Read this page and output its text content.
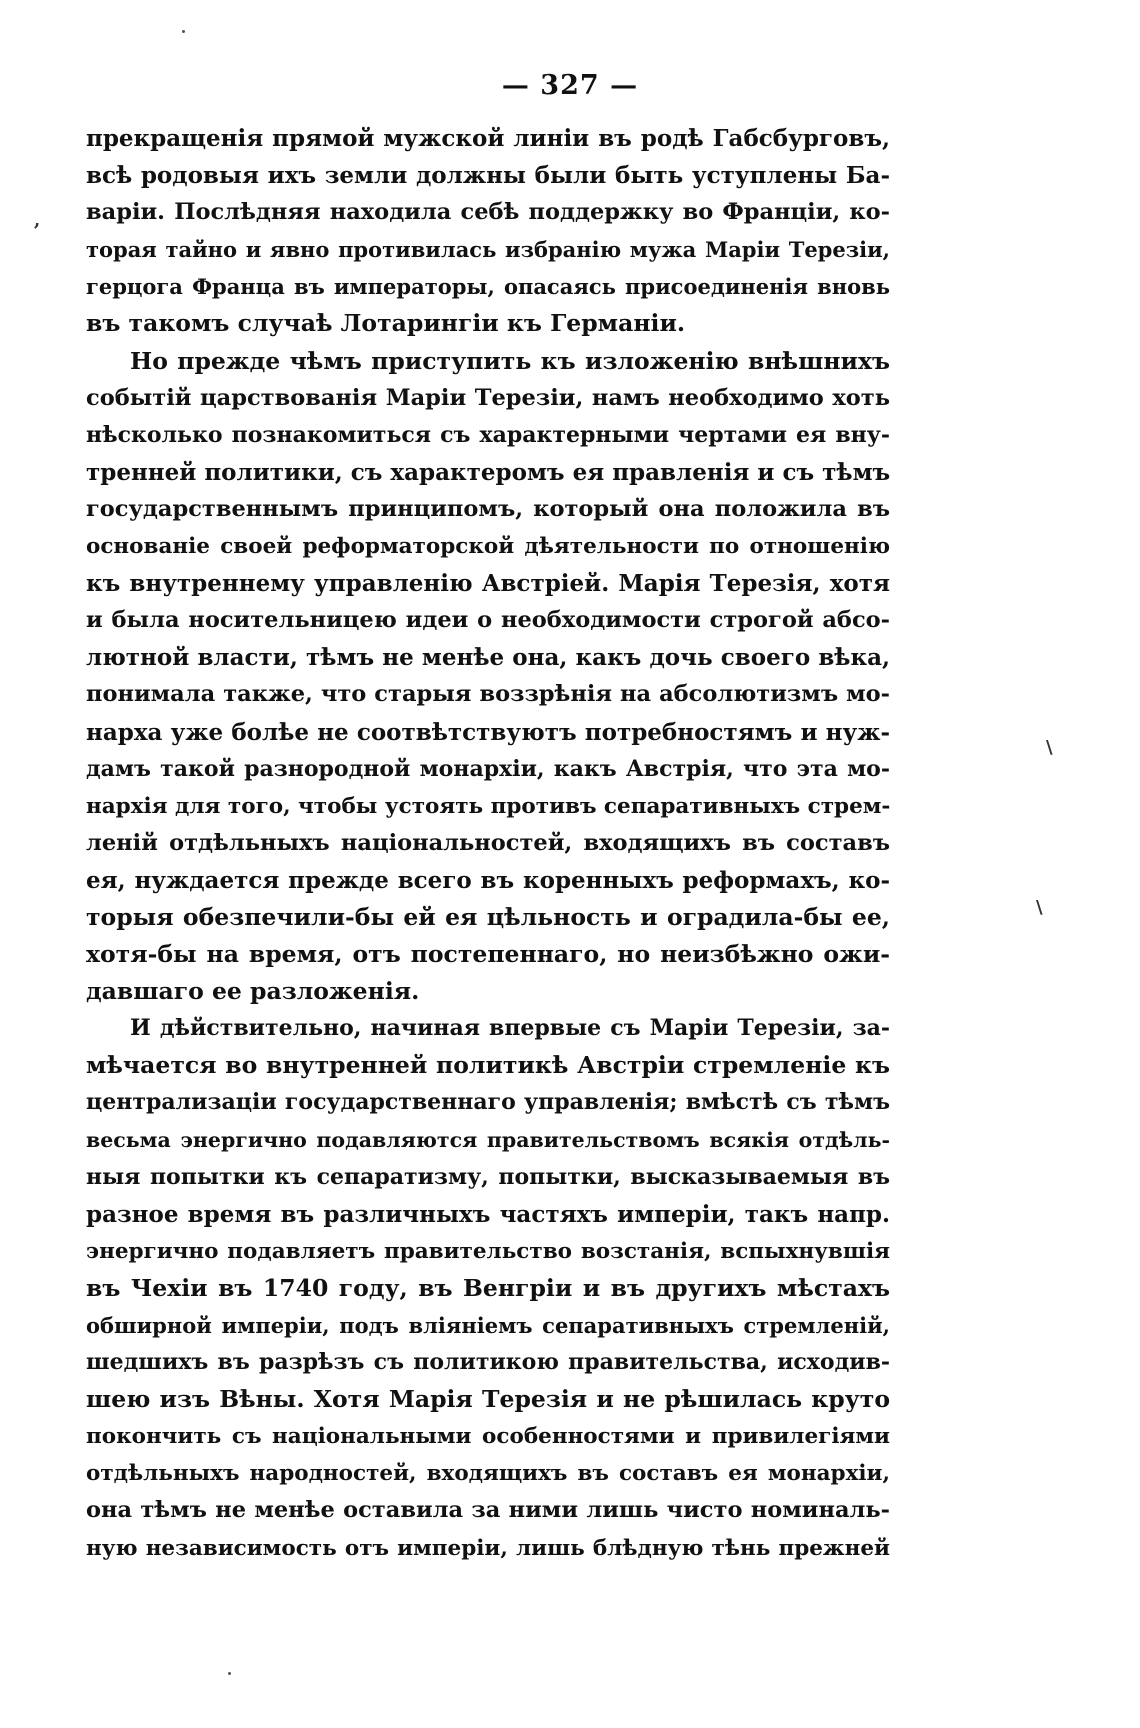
— 327 —
прекращенія прямой мужской линіи въ родѣ Габсбурговъ,
всѣ родовыя ихъ земли должны были быть уступлены Ба-
варіи. Послѣдняя находила себѣ поддержку во Франціи, ко-
торая тайно и явно противилась избранію мужа Маріи Терезіи,
герцога Франца въ императоры, опасаясь присоединенія вновь
въ такомъ случаѣ Лотарингіи къ Германіи.
Но прежде чѣмъ приступить къ изложенію внѣшнихъ
событій царствованія Маріи Терезіи, намъ необходимо хоть
нѣсколько познакомиться съ характерными чертами ея вну-
тренней политики, съ характеромъ ея правленія и съ тѣмъ
государственнымъ принципомъ, который она положила въ
основаніе своей реформаторской дѣятельности по отношенію
къ внутреннему управленію Австріей. Марія Терезія, хотя
и была носительницею идеи о необходимости строгой абсо-
лютной власти, тѣмъ не менѣе она, какъ дочь своего вѣка,
понимала также, что старыя воззрѣнія на абсолютизмъ мо-
нарха уже болѣе не соотвѣтствуютъ потребностямъ и нуж-
дамъ такой разнородной монархіи, какъ Австрія, что эта мо-
нархія для того, чтобы устоять противъ сепаративныхъ стрем-
леній отдѣльныхъ національностей, входящихъ въ составъ
ея, нуждается прежде всего въ коренныхъ реформахъ, ко-
торыя обезпечили-бы ей ея цѣльность и оградила-бы ее,
хотя-бы на время, отъ постепеннаго, но неизбѣжно ожи-
давшаго ее разложенія.
И дѣйствительно, начиная впервые съ Маріи Терезіи, за-
мѣчается во внутренней политикѣ Австріи стремленіе къ
централизаціи государственнаго управленія; вмѣстѣ съ тѣмъ
весьма энергично подавляются правительствомъ всякія отдѣль-
ныя попытки къ сепаратизму, попытки, высказываемыя въ
разное время въ различныхъ частяхъ имперіи, такъ напр.
энергично подавляетъ правительство возстанія, вспыхнувшія
въ Чехіи въ 1740 году, въ Венгріи и въ другихъ мѣстахъ
обширной имперіи, подъ вліяніемъ сепаративныхъ стремленій,
шедшихъ въ разрѣзъ съ политикою правительства, исходив-
шею изъ Вѣны. Хотя Марія Терезія и не рѣшилась круто
покончить съ національными особенностями и привилегіями
отдѣльныхъ народностей, входящихъ въ составъ ея монархіи,
она тѣмъ не менѣе оставила за ними лишь чисто номиналь-
ную независимость отъ имперіи, лишь блѣдную тѣнь прежней
,
\
\
